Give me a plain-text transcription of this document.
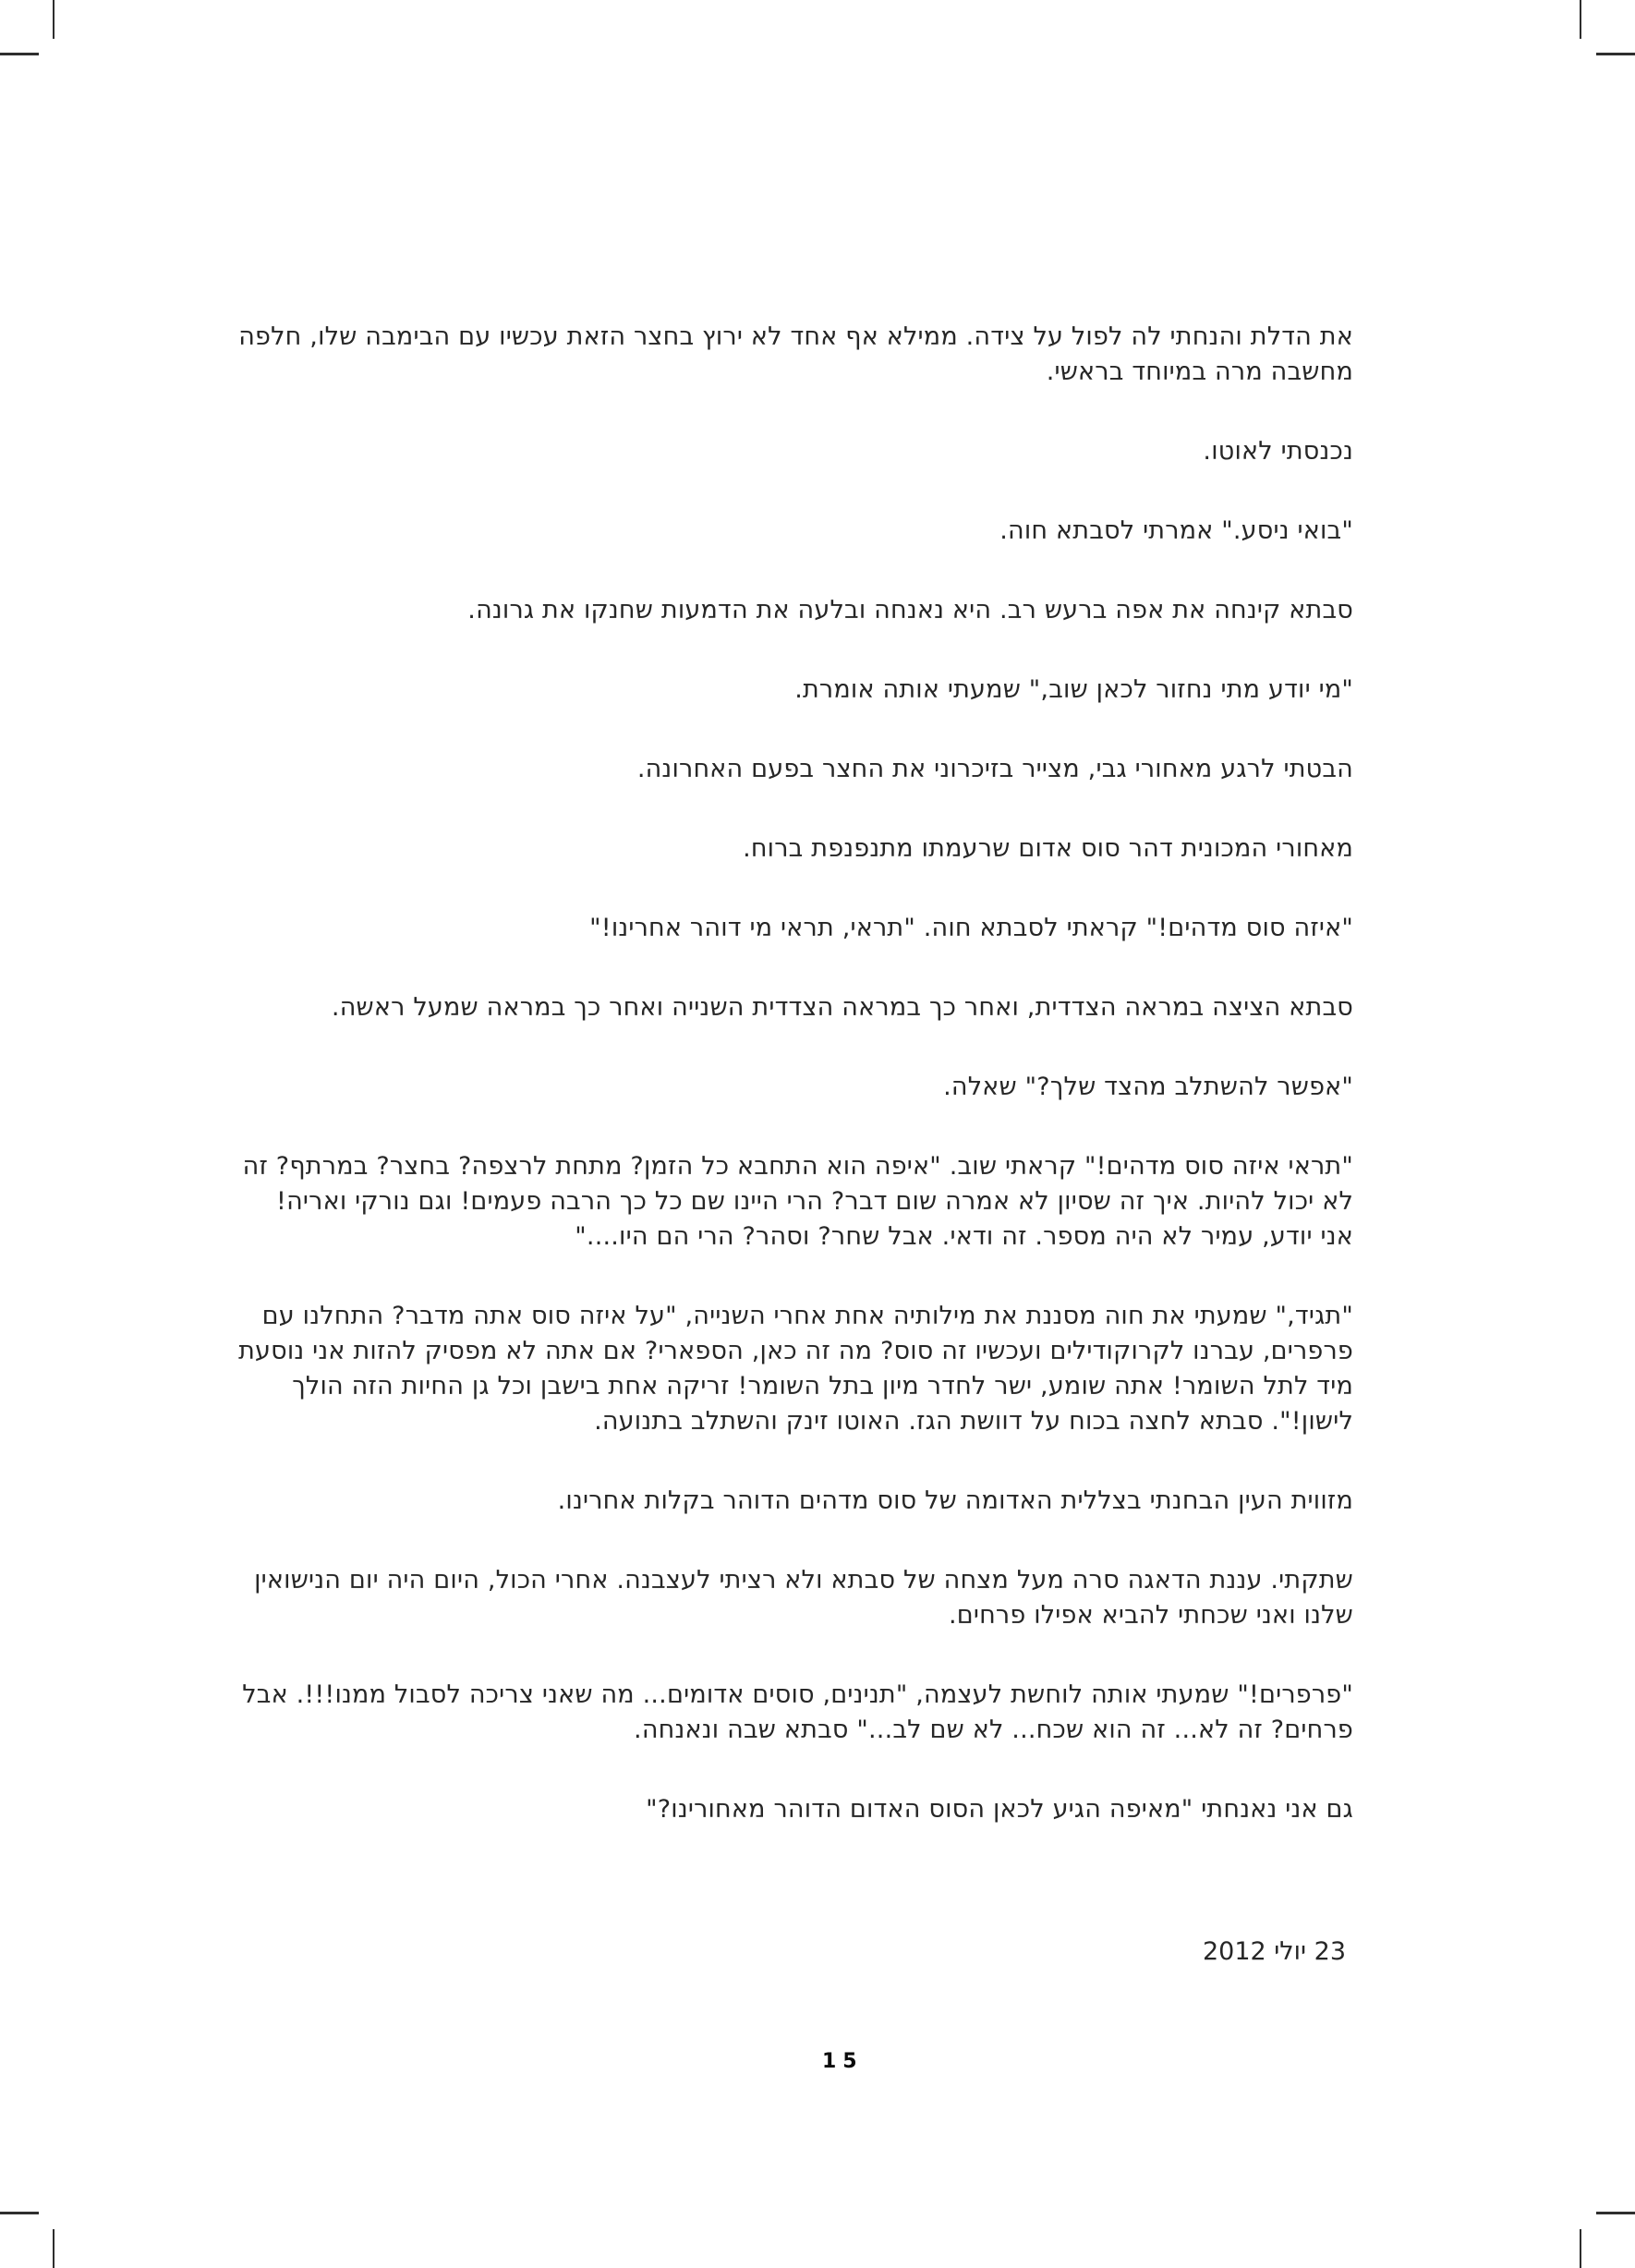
את הדלת והנחתי לה לפול על צידה. ממילא אף אחד לא ירוץ בחצר הזאת עכשיו עם הבימבה שלו, חלפה מחשבה מרה במיוחד בראשי.

נכנסתי לאוטו.

"בואי ניסע." אמרתי לסבתא חוה.

סבתא קינחה את אפה ברעש רב. היא נאנחה ובלעה את הדמעות שחנקו את גרונה.

"מי יודע מתי נחזור לכאן שוב," שמעתי אותה אומרת.

הבטתי לרגע מאחורי גבי, מצייר בזיכרוני את החצר בפעם האחרונה.

מאחורי המכונית דהר סוס אדום שרעמתו מתנפנפת ברוח.

"איזה סוס מדהים!" קראתי לסבתא חוה. "תראי, תראי מי דוהר אחרינו!"

סבתא הציצה במראה הצדדית, ואחר כך במראה הצדדית השנייה ואחר כך במראה שמעל ראשה.

"אפשר להשתלב מהצד שלך?" שאלה.

"תראי איזה סוס מדהים!" קראתי שוב. "איפה הוא התחבא כל הזמן? מתחת לרצפה? בחצר? במרתף? זה לא יכול להיות. איך זה שסיון לא אמרה שום דבר? הרי היינו שם כל כך הרבה פעמים! וגם נורקי ואריה! אני יודע, עמיר לא היה מספר. זה ודאי. אבל שחר? וסהר? הרי הם היו...."

"תגיד," שמעתי את חוה מסננת את מילותיה אחת אחרי השנייה, "על איזה סוס אתה מדבר? התחלנו עם פרפרים, עברנו לקרוקודילים ועכשיו זה סוס? מה זה כאן, הספארי? אם אתה לא מפסיק להזות אני נוסעת מיד לתל השומר! אתה שומע, ישר לחדר מיון בתל השומר! זריקה אחת בישבן וכל גן החיות הזה הולך לישון!". סבתא לחצה בכוח על דוושת הגז. האוטו זינק והשתלב בתנועה.

מזווית העין הבחנתי בצללית האדומה של סוס מדהים הדוהר בקלות אחרינו.

שתקתי. עננת הדאגה סרה מעל מצחה של סבתא ולא רציתי לעצבנה. אחרי הכול, היום היה יום הנישואין שלנו ואני שכחתי להביא אפילו פרחים.

"פרפרים!" שמעתי אותה לוחשת לעצמה, "תנינים, סוסים אדומים... מה שאני צריכה לסבול ממנו!!!. אבל פרחים? זה לא... זה הוא שכח... לא שם לב..." סבתא שבה ונאנחה.

גם אני נאנחתי "מאיפה הגיע לכאן הסוס האדום הדוהר מאחורינו?"

23 יולי 2012
15
